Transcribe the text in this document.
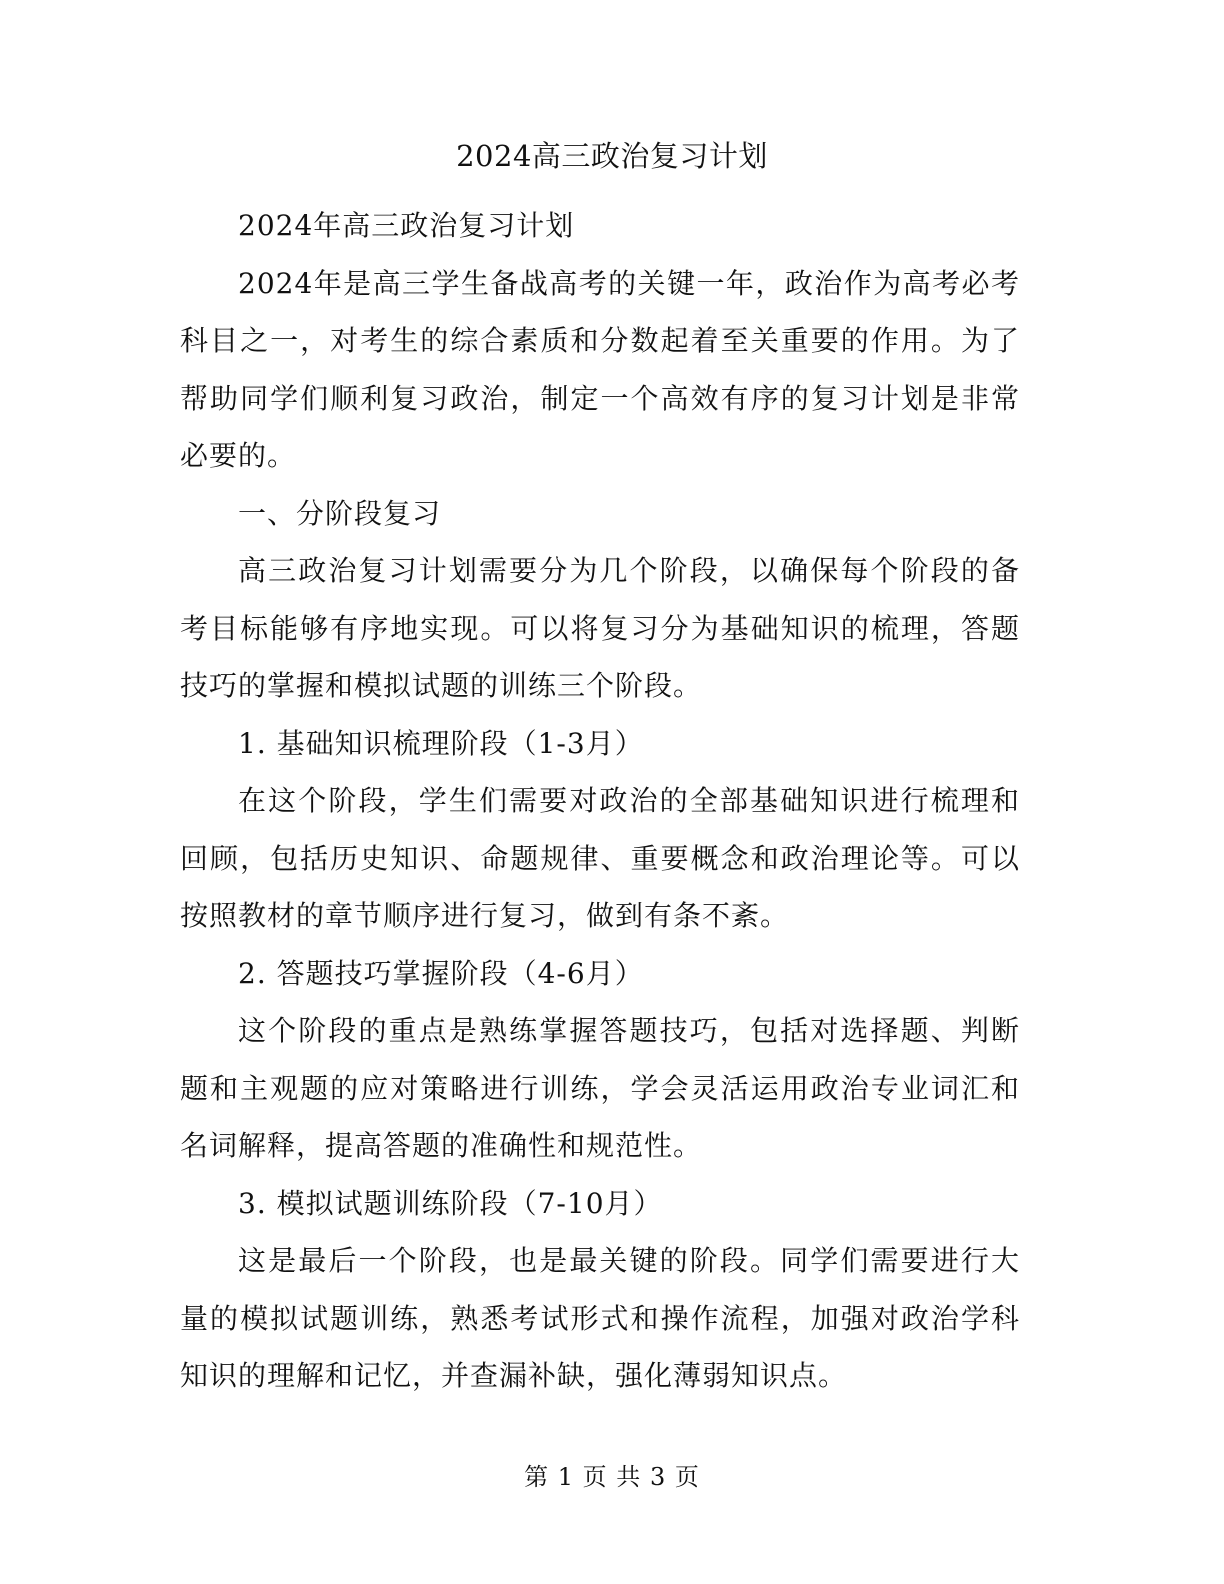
2024高三政治复习计划

2024年高三政治复习计划

2024年是高三学生备战高考的关键一年，政治作为高考必考科目之一，对考生的综合素质和分数起着至关重要的作用。为了帮助同学们顺利复习政治，制定一个高效有序的复习计划是非常必要的。

一、分阶段复习

高三政治复习计划需要分为几个阶段，以确保每个阶段的备考目标能够有序地实现。可以将复习分为基础知识的梳理，答题技巧的掌握和模拟试题的训练三个阶段。

1. 基础知识梳理阶段（1-3月）

在这个阶段，学生们需要对政治的全部基础知识进行梳理和回顾，包括历史知识、命题规律、重要概念和政治理论等。可以按照教材的章节顺序进行复习，做到有条不紊。

2. 答题技巧掌握阶段（4-6月）

这个阶段的重点是熟练掌握答题技巧，包括对选择题、判断题和主观题的应对策略进行训练，学会灵活运用政治专业词汇和名词解释，提高答题的准确性和规范性。

3. 模拟试题训练阶段（7-10月）

这是最后一个阶段，也是最关键的阶段。同学们需要进行大量的模拟试题训练，熟悉考试形式和操作流程，加强对政治学科知识的理解和记忆，并查漏补缺，强化薄弱知识点。

第 1 页 共 3 页
